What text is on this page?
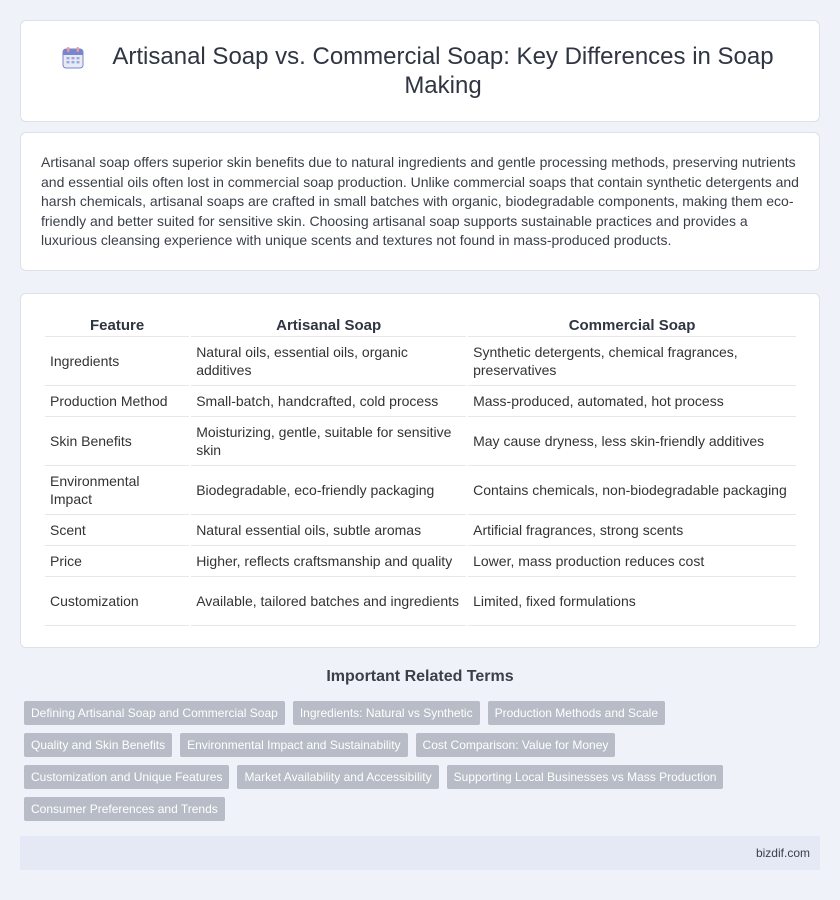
Artisanal Soap vs. Commercial Soap: Key Differences in Soap Making

Artisanal soap offers superior skin benefits due to natural ingredients and gentle processing methods, preserving nutrients and essential oils often lost in commercial soap production. Unlike commercial soaps that contain synthetic detergents and harsh chemicals, artisanal soaps are crafted in small batches with organic, biodegradable components, making them eco-friendly and better suited for sensitive skin. Choosing artisanal soap supports sustainable practices and provides a luxurious cleansing experience with unique scents and textures not found in mass-produced products.

Feature	Artisanal Soap	Commercial Soap
Ingredients	Natural oils, essential oils, organic additives	Synthetic detergents, chemical fragrances, preservatives
Production Method	Small-batch, handcrafted, cold process	Mass-produced, automated, hot process
Skin Benefits	Moisturizing, gentle, suitable for sensitive skin	May cause dryness, less skin-friendly additives
Environmental Impact	Biodegradable, eco-friendly packaging	Contains chemicals, non-biodegradable packaging
Scent	Natural essential oils, subtle aromas	Artificial fragrances, strong scents
Price	Higher, reflects craftsmanship and quality	Lower, mass production reduces cost
Customization	Available, tailored batches and ingredients	Limited, fixed formulations
Important Related Terms
Defining Artisanal Soap and Commercial Soap	Ingredients: Natural vs Synthetic	Production Methods and Scale
Quality and Skin Benefits	Environmental Impact and Sustainability	Cost Comparison: Value for Money
Customization and Unique Features	Market Availability and Accessibility	Supporting Local Businesses vs Mass Production
Consumer Preferences and Trends
bizdif.com
